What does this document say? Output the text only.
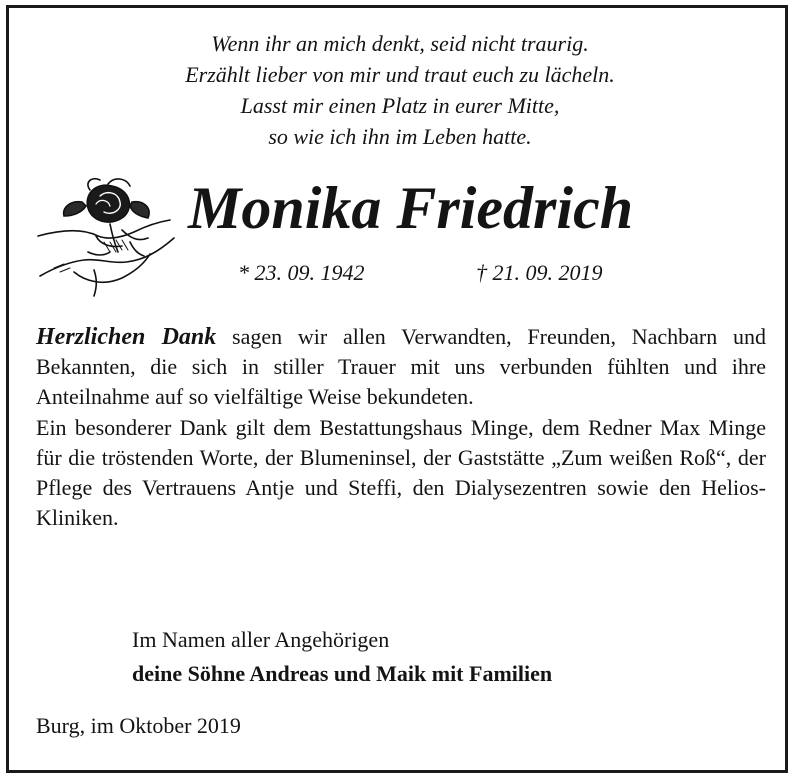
Wenn ihr an mich denkt, seid nicht traurig.
Erzählt lieber von mir und traut euch zu lächeln.
Lasst mir einen Platz in eurer Mitte,
so wie ich ihn im Leben hatte.
Monika Friedrich
* 23. 09. 1942	† 21. 09. 2019

Herzlichen Dank sagen wir allen Verwandten, Freunden, Nachbarn und Bekannten, die sich in stiller Trauer mit uns verbunden fühlten und ihre Anteilnahme auf so vielfältige Weise bekundeten.

Ein besonderer Dank gilt dem Bestattungshaus Minge, dem Redner Max Minge für die tröstenden Worte, der Blumeninsel, der Gaststätte „Zum weißen Roß“, der Pflege des Vertrauens Antje und Steffi, den Dialysezentren sowie den Helios-Kliniken.

Im Namen aller Angehörigen
deine Söhne Andreas und Maik mit Familien
Burg, im Oktober 2019
